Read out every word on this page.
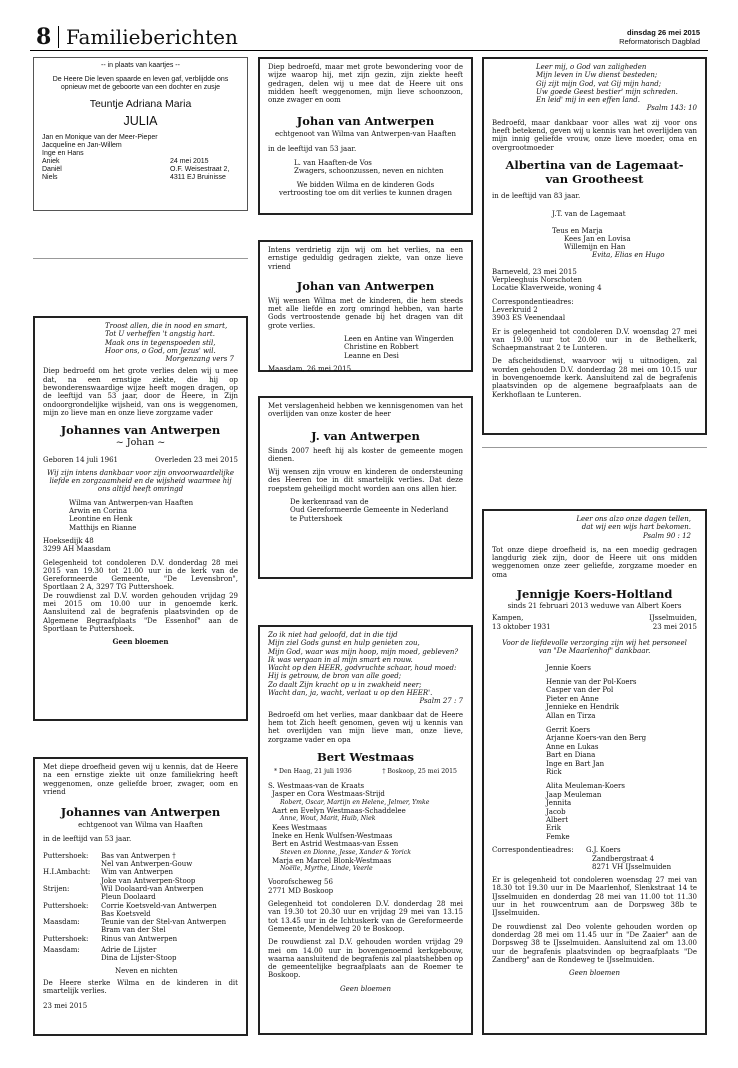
8 Familieberichten	dinsdag 26 mei 2015
Reformatorisch Dagblad
-- in plaats van kaartjes --
De Heere Die leven spaarde en leven gaf, verblijdde ons opnieuw met de geboorte van een dochter en zusje
Teuntje Adriana Maria
JULIA
Jan en Monique van der Meer-Pieper
Jacqueline en Jan-Willem
Inge en Hans
Aniek	24 mei 2015
Daniël	O.F. Weisestraat 2,
Niels	4311 EJ Bruinisse
Troost allen, die in nood en smart,
Tot U verheffen 't angstig hart.
Maak ons in tegenspoeden stil,
Hoor ons, o God, om Jezus' wil.
Morgenzang vers 7
Diep bedroefd om het grote verlies delen wij u mee dat, na een ernstige ziekte, die hij op bewonderenswaardige wijze heeft mogen dragen, op de leeftijd van 53 jaar, door de Heere, in Zijn ondoorgrondelijke wijsheid, van ons is weggenomen, mijn zo lieve man en onze lieve zorgzame vader
Johannes van Antwerpen
~ Johan ~
Geboren 14 juli 1961	Overleden 23 mei 2015
Wij zijn intens dankbaar voor zijn onvoorwaardelijke liefde en zorgzaamheid en de wijsheid waarmee hij ons altijd heeft omringd
Wilma van Antwerpen-van Haaften
Arwin en Corina
Leontine en Henk
Matthijs en Rianne
Hoeksedijk 48
3299 AH Maasdam
Gelegenheid tot condoleren D.V. donderdag 28 mei 2015 van 19.30 tot 21.00 uur in de kerk van de Gereformeerde Gemeente, "De Levensbron", Sportlaan 2 A, 3297 TG Puttershoek.
De rouwdienst zal D.V. worden gehouden vrijdag 29 mei 2015 om 10.00 uur in genoemde kerk. Aansluitend zal de begrafenis plaatsvinden op de Algemene Begraafplaats "De Essenhof" aan de Sportlaan te Puttershoek.
Geen bloemen
Met diepe droefheid geven wij u kennis, dat de Heere na een ernstige ziekte uit onze familiekring heeft weggenomen, onze geliefde broer, zwager, oom en vriend
Johannes van Antwerpen
echtgenoot van Wilma van Haaften
in de leeftijd van 53 jaar.
Puttershoek:	Bas van Antwerpen †
Nel van Antwerpen-Gouw
H.I.Ambacht:	Wim van Antwerpen
Joke van Antwerpen-Stoop
Strijen:	Wil Doolaard-van Antwerpen
Pleun Doolaard
Puttershoek:	Corrie Koetsveld-van Antwerpen
Bas Koetsveld
Maasdam:	Teunie van der Stel-van Antwerpen
Bram van der Stel
Puttershoek:	Rinus van Antwerpen
Maasdam:	Adrie de Lijster
Dina de Lijster-Stoop
Neven en nichten
De Heere sterke Wilma en de kinderen in dit smartelijk verlies.
23 mei 2015
Diep bedroefd, maar met grote bewondering voor de wijze waarop hij, met zijn gezin, zijn ziekte heeft gedragen, delen wij u mee dat de Heere uit ons midden heeft weggenomen, mijn lieve schoonzoon, onze zwager en oom
Johan van Antwerpen
echtgenoot van Wilma van Antwerpen-van Haaften
in de leeftijd van 53 jaar.
L. van Haaften-de Vos
Zwagers, schoonzussen, neven en nichten
We bidden Wilma en de kinderen Gods vertroosting toe om dit verlies te kunnen dragen
Intens verdrietig zijn wij om het verlies, na een ernstige geduldig gedragen ziekte, van onze lieve vriend
Johan van Antwerpen
Wij wensen Wilma met de kinderen, die hem steeds met alle liefde en zorg omringd hebben, van harte Gods vertroostende genade bij het dragen van dit grote verlies.
Leen en Antine van Wingerden
Christine en Robbert
Leanne en Desi
Maasdam, 26 mei 2015
Met verslagenheid hebben we kennisgenomen van het overlijden van onze koster de heer
J. van Antwerpen
Sinds 2007 heeft hij als koster de gemeente mogen dienen.
Wij wensen zijn vrouw en kinderen de ondersteuning des Heeren toe in dit smartelijk verlies. Dat deze roepstem geheiligd mocht worden aan ons allen hier.
De kerkenraad van de
Oud Gereformeerde Gemeente in Nederland
te Puttershoek
Zo ik niet had geloofd, dat in die tijd
Mijn ziel Gods gunst en hulp genieten zou,
Mijn God, waar was mijn hoop, mijn moed, gebleven?
Ik was vergaan in al mijn smart en rouw.
Wacht op den HEER, godvruchte schaar, houd moed:
Hij is getrouw, de bron van alle goed;
Zo daalt Zijn kracht op u in zwakheid neer;
Wacht dan, ja, wacht, verlaat u op den HEER'.
Psalm 27 : 7
Bedroefd om het verlies, maar dankbaar dat de Heere hem tot Zich heeft genomen, geven wij u kennis van het overlijden van mijn lieve man, onze lieve, zorgzame vader en opa
Bert Westmaas
* Den Haag, 21 juli 1936	† Boskoop, 25 mei 2015
S. Westmaas-van de Kraats
Jasper en Cora Westmaas-Strijd
Robert, Oscar, Martijn en Helene, Jelmer, Ymke
Aart en Evelyn Westmaas-Schaddelee
Anne, Wout, Marit, Huib, Niek
Kees Westmaas
Ineke en Henk Wulfsen-Westmaas
Bert en Astrid Westmaas-van Essen
Steven en Dionne, Jesse, Xander & Yorick
Marja en Marcel Blonk-Westmaas
Noëlle, Myrthe, Linde, Veerle
Voorofscheweg 56
2771 MD Boskoop
Gelegenheid tot condoleren D.V. donderdag 28 mei van 19.30 tot 20.30 uur en vrijdag 29 mei van 13.15 tot 13.45 uur in de Ichtuskerk van de Gereformeerde Gemeente, Mendelweg 20 te Boskoop.
De rouwdienst zal D.V. gehouden worden vrijdag 29 mei om 14.00 uur in bovengenoemd kerkgebouw, waarna aansluitend de begrafenis zal plaatshebben op de gemeentelijke begraafplaats aan de Roemer te Boskoop.
Geen bloemen
Leer mij, o God van zaligheden
Mijn leven in Uw dienst besteden;
Gij zijt mijn God, vat Gij mijn hand;
Uw goede Geest bestier' mijn schreden.
En leid' mij in een effen land.
Psalm 143: 10
Bedroefd, maar dankbaar voor alles wat zij voor ons heeft betekend, geven wij u kennis van het overlijden van mijn innig geliefde vrouw, onze lieve moeder, oma en overgrootmoeder
Albertina van de Lagemaat-
van Grootheest
in de leeftijd van 83 jaar.
J.T. van de Lagemaat
Teus en Marja
Kees Jan en Lovisa
Willemijn en Han
Evita, Elias en Hugo
Barneveld, 23 mei 2015
Verpleeghuis Norschoten
Locatie Klaverweide, woning 4
Correspondentieadres:
Leverkruid 2
3903 ES Veenendaal
Er is gelegenheid tot condoleren D.V. woensdag 27 mei van 19.00 uur tot 20.00 uur in de Bethelkerk, Schaepmanstraat 2 te Lunteren.
De afscheidsdienst, waarvoor wij u uitnodigen, zal worden gehouden D.V. donderdag 28 mei om 10.15 uur in bovengenoemde kerk. Aansluitend zal de begrafenis plaatsvinden op de algemene begraafplaats aan de Kerkhoflaan te Lunteren.
Leer ons alzo onze dagen tellen,
dat wij een wijs hart bekomen.
Psalm 90 : 12
Tot onze diepe droefheid is, na een moedig gedragen langdurig ziek zijn, door de Heere uit ons midden weggenomen onze zeer geliefde, zorgzame moeder en oma
Jennigje Koers-Holtland
sinds 21 februari 2013 weduwe van Albert Koers
Kampen,
13 oktober 1931
IJsselmuiden,
23 mei 2015
Voor de liefdevolle verzorging zijn wij het personeel van "De Maarlenhof" dankbaar.
Jennie Koers
Hennie van der Pol-Koers
Casper van der Pol
Pieter en Anne
Jennieke en Hendrik
Allan en Tirza
Gerrit Koers
Arjanne Koers-van den Berg
Anne en Lukas
Bart en Diana
Inge en Bart Jan
Rick
Alita Meuleman-Koers
Jaap Meuleman
Jennita
Jacob
Albert
Erik
Femke
Correspondentieadres:	G.J. Koers
Zandbergstraat 4
8271 VH IJsselmuiden
Er is gelegenheid tot condoleren woensdag 27 mei van 18.30 tot 19.30 uur in De Maarlenhof, Slenkstraat 14 te IJsselmuiden en donderdag 28 mei van 11.00 tot 11.30 uur in het rouwcentrum aan de Dorpsweg 38b te IJsselmuiden.
De rouwdienst zal Deo volente gehouden worden op donderdag 28 mei om 11.45 uur in "De Zaaier" aan de Dorpsweg 38 te IJsselmuiden. Aansluitend zal om 13.00 uur de begrafenis plaatsvinden op begraafplaats "De Zandberg" aan de Rondeweg te IJsselmuiden.
Geen bloemen
